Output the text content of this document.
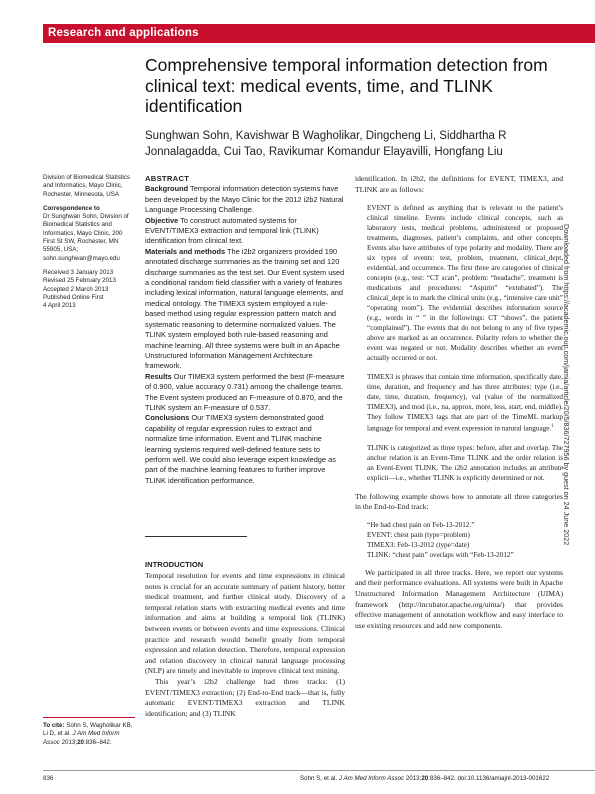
Research and applications
Comprehensive temporal information detection from clinical text: medical events, time, and TLINK identification
Sunghwan Sohn, Kavishwar B Wagholikar, Dingcheng Li, Siddhartha R Jonnalagadda, Cui Tao, Ravikumar Komandur Elayavilli, Hongfang Liu

Division of Biomedical Statistics and Informatics, Mayo Clinic, Rochester, Minnesota, USA

Correspondence to

Dr Sunghwan Sohn, Division of Biomedical Statistics and Informatics, Mayo Clinic, 200 First St SW, Rochester, MN 55905, USA; sohn.sunghwan@mayo.edu

Received 3 January 2013

Revised 25 February 2013

Accepted 2 March 2013

Published Online First

4 April 2013

To cite: Sohn S, Wagholikar KB, Li D, et al. J Am Med Inform Assoc 2013;20:836–842.

ABSTRACT

Background Temporal information detection systems have been developed by the Mayo Clinic for the 2012 i2b2 Natural Language Processing Challenge.

Objective To construct automated systems for EVENT/TIMEX3 extraction and temporal link (TLINK) identification from clinical text.

Materials and methods The i2b2 organizers provided 190 annotated discharge summaries as the training set and 120 discharge summaries as the test set. Our Event system used a conditional random field classifier with a variety of features including lexical information, natural language elements, and medical ontology. The TIMEX3 system employed a rule-based method using regular expression pattern match and systematic reasoning to determine normalized values. The TLINK system employed both rule-based reasoning and machine learning. All three systems were built in an Apache Unstructured Information Management Architecture framework.

Results Our TIMEX3 system performed the best (F-measure of 0.900, value accuracy 0.731) among the challenge teams. The Event system produced an F-measure of 0.870, and the TLINK system an F-measure of 0.537.

Conclusions Our TIMEX3 system demonstrated good capability of regular expression rules to extract and normalize time information. Event and TLINK machine learning systems required well-defined feature sets to perform well. We could also leverage expert knowledge as part of the machine learning features to further improve TLINK identification performance.

INTRODUCTION

Temporal resolution for events and time expressions in clinical notes is crucial for an accurate summary of patient history, better medical treatment, and further clinical study. Discovery of a temporal relation starts with extracting medical events and time information and aims at building a temporal link (TLINK) between events or between events and time expressions. Clinical practice and research would benefit greatly from temporal expression and relation detection. Therefore, temporal expression and relation discovery in clinical natural language processing (NLP) are timely and inevitable to improve clinical text mining.

This year’s i2b2 challenge had three tracks: (1) EVENT/TIMEX3 extraction; (2) End-to-End track—that is, fully automatic EVENT/TIMEX3 extraction and TLINK identification; and (3) TLINK

identification. In i2b2, the definitions for EVENT, TIMEX3, and TLINK are as follows:

EVENT is defined as anything that is relevant to the patient’s clinical timeline. Events include clinical concepts, such as laboratory tests, medical problems, administered or proposed treatments, diagnoses, patient’s complaints, and other concepts. Events also have attributes of type polarity and modality. There are six types of events: test, problem, treatment, clinical_dept, evidential, and occurrence. The first three are categories of clinical concepts (e.g., test: “CT scan”, problem: “headache”, treatment is medications and procedures: “Aspirin” “extubated”). The clinical_dept is to mark the clinical units (e.g., “intensive care unit” “operating room”). The evidential describes information source (e.g., words in “ ” in the followings: CT “shows”, the patient “complained”). The events that do not belong to any of five types above are marked as an occurrence. Polarity refers to whether the event was negated or not. Modality describes whether an event actually occurred or not.

TIMEX3 is phrases that contain time information, specifically date, time, duration, and frequency and has three attributes: type (i.e., date, time, duration, frequency), val (value of the normalized TIMEX3), and mod (i.e., na, approx, more, less, start, end, middle). They follow TIMEX3 tags that are part of the TimeML markup language for temporal and event expression in natural language.$^1$

TLINK is categorized as three types: before, after and overlap. The anchor relation is an Event-Time TLINK and the order relation is an Event-Event TLINK. The i2b2 annotation includes an attribute explicit—i.e., whether TLINK is explicitly determined or not.

The following example shows how to annotate all three categories in the End-to-End track:

“He had chest pain on Feb-13-2012.”
EVENT: chest pain (type=problem)
TIMEX3: Feb-13-2012 (type=date)
TLINK: “chest pain” overlaps with “Feb-13-2012”

We participated in all three tracks. Here, we report our systems and their performance evaluations. All systems were built in Apache Unstructured Information Management Architecture (UIMA) framework (http://incubator.apache.org/uima/) that provides effective management of annotation workflow and easy interface to use existing resources and add new components.

836	Sohn S, et al. J Am Med Inform Assoc 2013;20:836–842. doi:10.1136/amiajnl-2013-001622
Downloaded from https://academic.oup.com/jamia/article/20/5/836/727956 by guest on 24 June 2022
